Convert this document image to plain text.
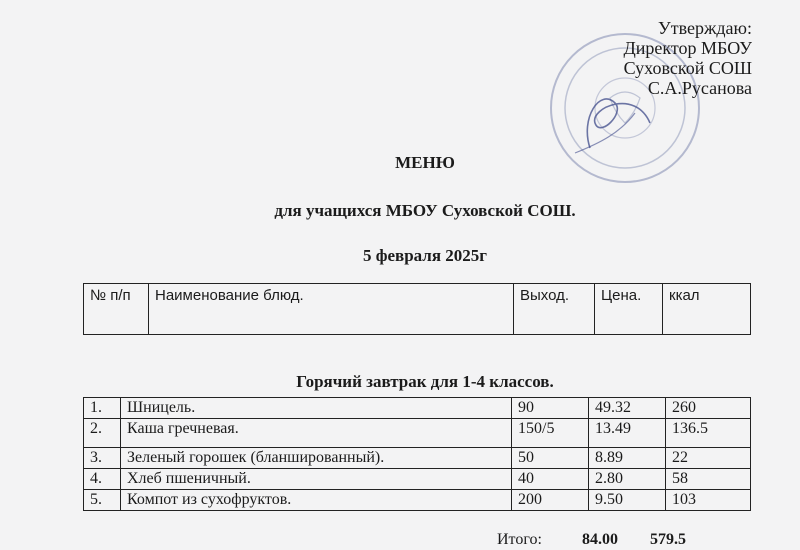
Утверждаю:
Директор МБОУ
Суховской СОШ
С.А.Русанова
МЕНЮ
для учащихся МБОУ Суховской СОШ.
5 февраля 2025г
№ п/п	Наименование блюд.	Выход.	Цена.	ккал
Горячий завтрак для 1-4 классов.
1.	Шницель.	90	49.32	260
2.	Каша гречневая.	150/5	13.49	136.5
3.	Зеленый горошек (бланшированный).	50	8.89	22
4.	Хлеб пшеничный.	40	2.80	58
5.	Компот из сухофруктов.	200	9.50	103
Итого:	84.00 579.5
